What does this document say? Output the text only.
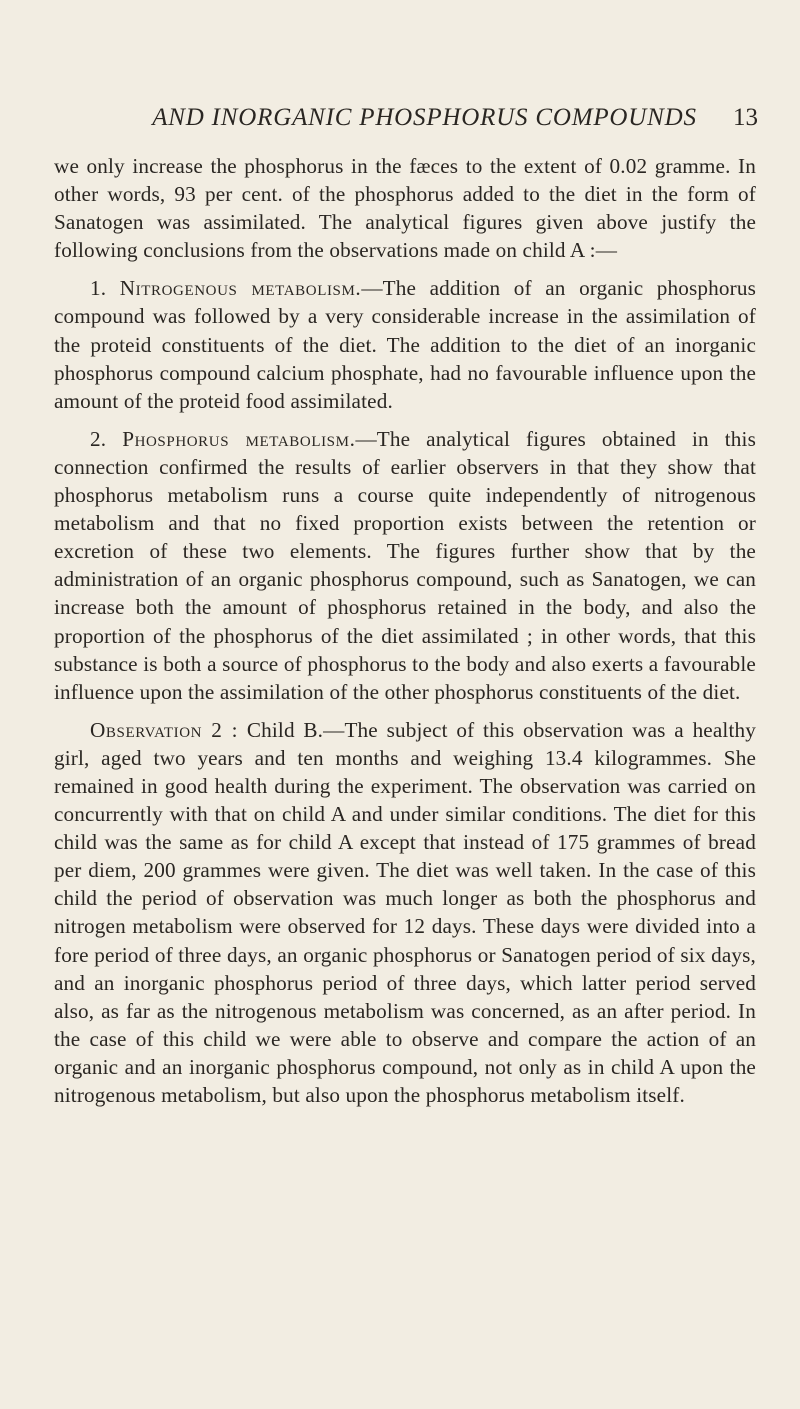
AND INORGANIC PHOSPHORUS COMPOUNDS	13

we only increase the phosphorus in the fæces to the extent of 0.02 gramme. In other words, 93 per cent. of the phosphorus added to the diet in the form of Sanatogen was assimilated. The analytical figures given above justify the following conclusions from the observations made on child A :—

1. Nitrogenous metabolism.—The addition of an organic phosphorus compound was followed by a very considerable increase in the assimilation of the proteid constituents of the diet. The addition to the diet of an inorganic phosphorus compound calcium phosphate, had no favourable influence upon the amount of the proteid food assimilated.

2. Phosphorus metabolism.—The analytical figures obtained in this connection confirmed the results of earlier observers in that they show that phosphorus metabolism runs a course quite independently of nitrogenous metabolism and that no fixed proportion exists between the retention or excretion of these two elements. The figures further show that by the administration of an organic phosphorus compound, such as Sanatogen, we can increase both the amount of phosphorus retained in the body, and also the proportion of the phosphorus of the diet assimilated ; in other words, that this substance is both a source of phosphorus to the body and also exerts a favourable influence upon the assimilation of the other phosphorus constituents of the diet.

Observation 2 : Child B.—The subject of this observation was a healthy girl, aged two years and ten months and weighing 13.4 kilogrammes. She remained in good health during the experiment. The observation was carried on concurrently with that on child A and under similar conditions. The diet for this child was the same as for child A except that instead of 175 grammes of bread per diem, 200 grammes were given. The diet was well taken. In the case of this child the period of observation was much longer as both the phosphorus and nitrogen metabolism were observed for 12 days. These days were divided into a fore period of three days, an organic phosphorus or Sanatogen period of six days, and an inorganic phosphorus period of three days, which latter period served also, as far as the nitrogenous metabolism was concerned, as an after period. In the case of this child we were able to observe and compare the action of an organic and an inorganic phosphorus compound, not only as in child A upon the nitrogenous metabolism, but also upon the phosphorus metabolism itself.
